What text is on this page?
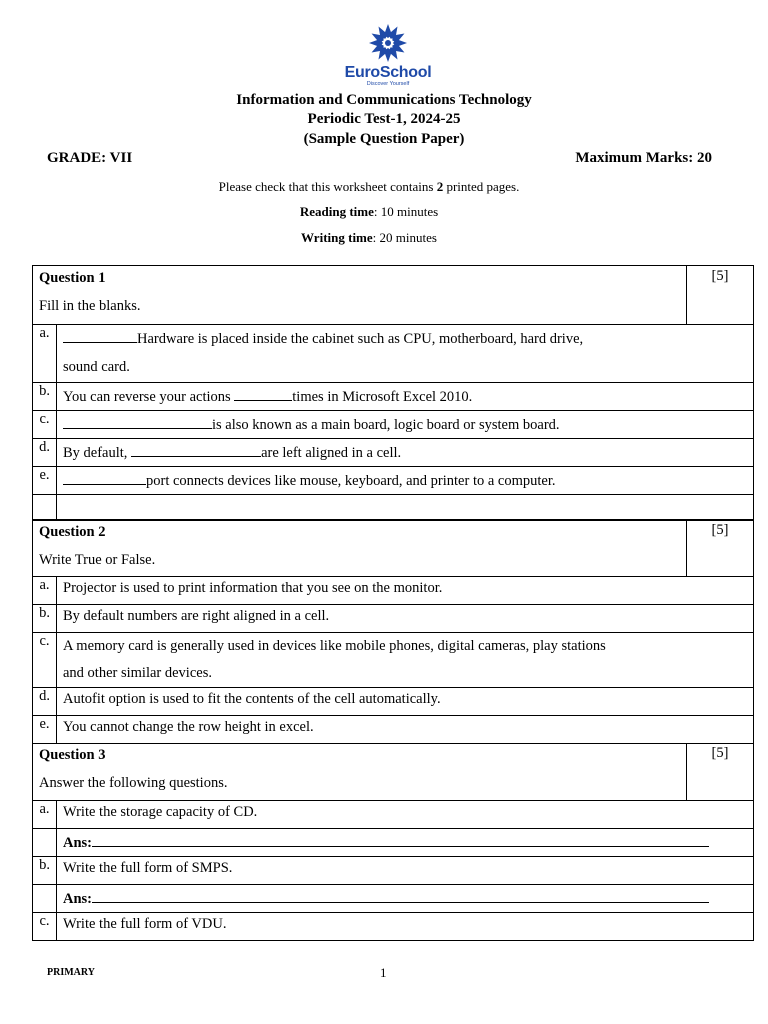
EuroSchool
Discover Yourself
Information and Communications Technology
Periodic Test-1, 2024-25
(Sample Question Paper)
GRADE: VII	Maximum Marks: 20
Please check that this worksheet contains 2 printed pages.
Reading time: 10 minutes
Writing time: 20 minutes
Question 1
Fill in the blanks.		[5]
a.	Hardware is placed inside the cabinet such as CPU, motherboard, hard drive,
sound card.	
b.	You can reverse your actions times in Microsoft Excel 2010.	
c.	is also known as a main board, logic board or system board.	
d.	By default, are left aligned in a cell.	
e.	port connects devices like mouse, keyboard, and printer to a computer.	

Question 2
Write True or False.		[5]
a.	Projector is used to print information that you see on the monitor.	
b.	By default numbers are right aligned in a cell.	
c.	A memory card is generally used in devices like mobile phones, digital cameras, play stations
and other similar devices.	
d.	Autofit option is used to fit the contents of the cell automatically.	
e.	You cannot change the row height in excel.	
Question 3
Answer the following questions.		[5]
a.	Write the storage capacity of CD.	
	Ans:	
b.	Write the full form of SMPS.	
	Ans:	
c.	Write the full form of VDU.	
PRIMARY	1
